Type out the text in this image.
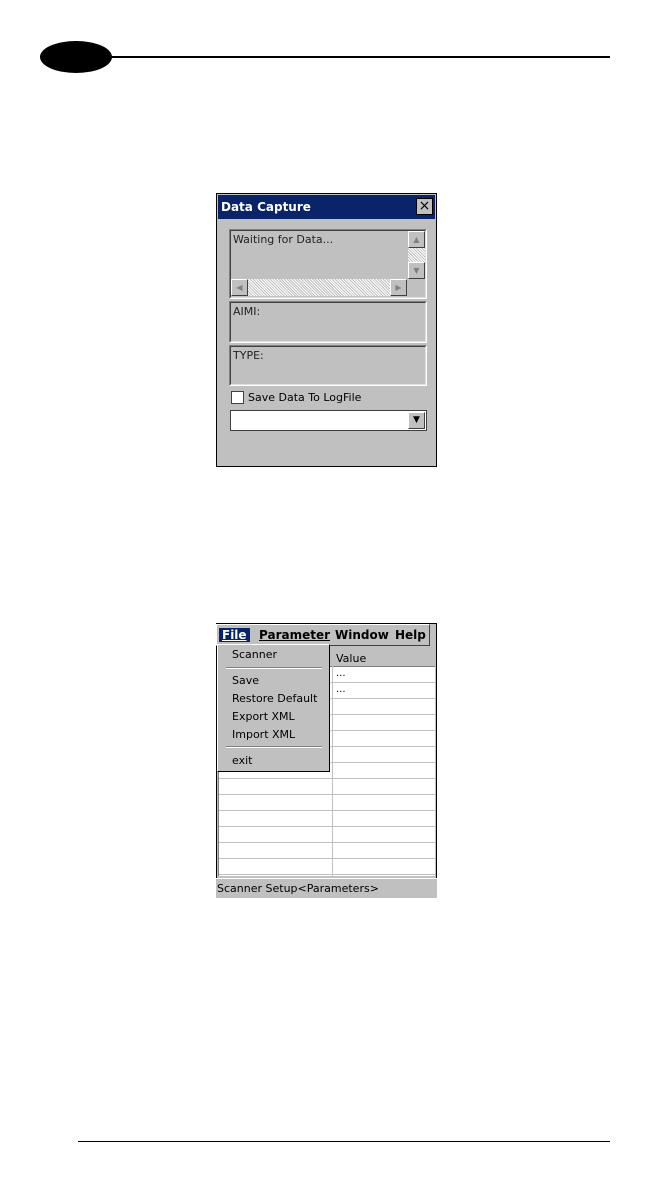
Data Capture	×
Waiting for Data...	▲
▼
◀	▶
AIMI:
TYPE:
Save Data To LogFile
▼
File Parameter Window Help
Value
...
...
Scanner Setup<Parameters>
Scanner
Save
Restore Default
Export XML
Import XML
exit
